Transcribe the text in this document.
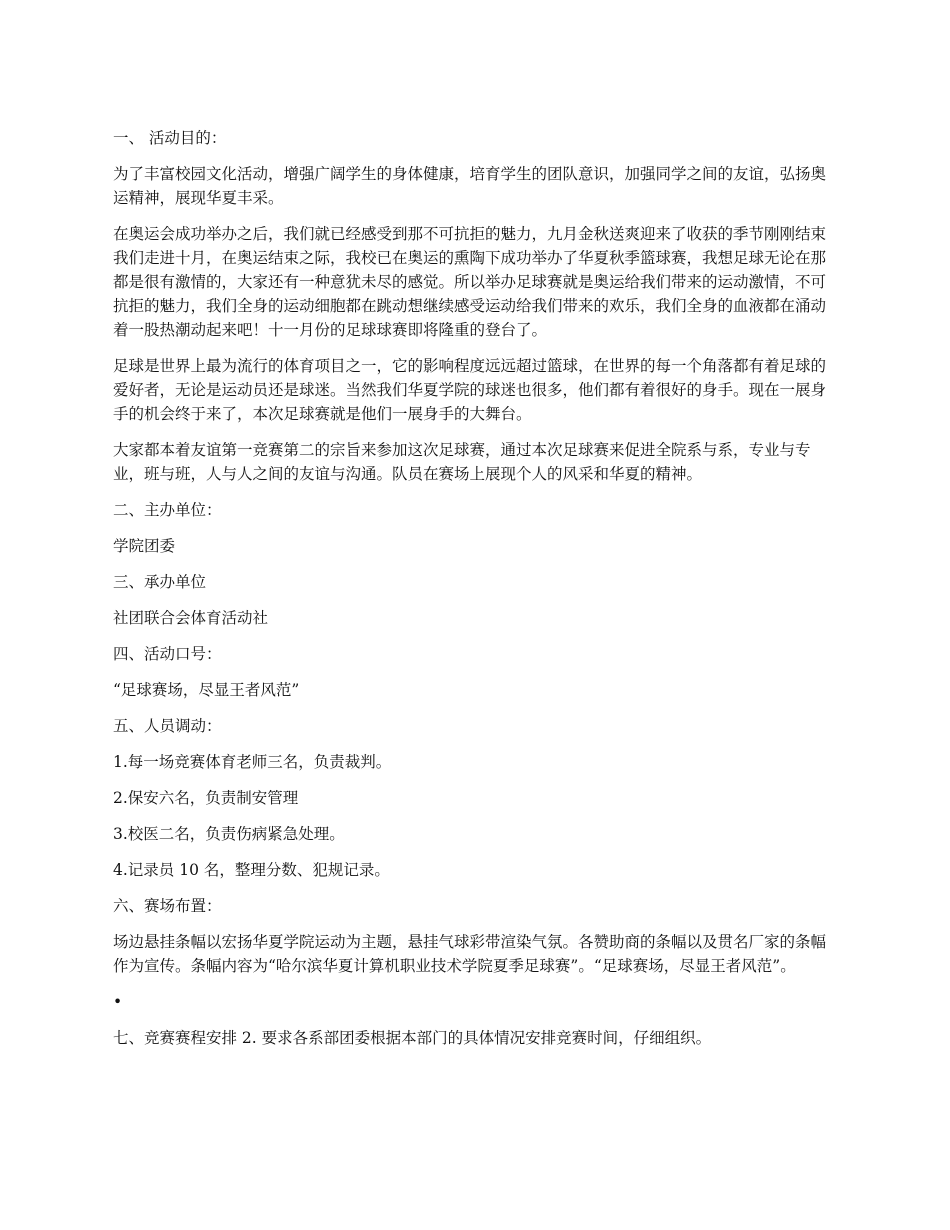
一、 活动目的：

为了丰富校园文化活动，增强广阔学生的身体健康，培育学生的团队意识，加强同学之间的友谊，弘扬奥运精神，展现华夏丰采。

在奥运会成功举办之后，我们就已经感受到那不可抗拒的魅力，九月金秋送爽迎来了收获的季节刚刚结束我们走进十月，在奥运结束之际，我校已在奥运的熏陶下成功举办了华夏秋季篮球赛，我想足球无论在那都是很有激情的，大家还有一种意犹未尽的感觉。所以举办足球赛就是奥运给我们带来的运动激情，不可抗拒的魅力，我们全身的运动细胞都在跳动想继续感受运动给我们带来的欢乐，我们全身的血液都在涌动着一股热潮动起来吧！十一月份的足球球赛即将隆重的登台了。

足球是世界上最为流行的体育项目之一，它的影响程度远远超过篮球，在世界的每一个角落都有着足球的爱好者，无论是运动员还是球迷。当然我们华夏学院的球迷也很多，他们都有着很好的身手。现在一展身手的机会终于来了，本次足球赛就是他们一展身手的大舞台。

大家都本着友谊第一竞赛第二的宗旨来参加这次足球赛，通过本次足球赛来促进全院系与系，专业与专业，班与班，人与人之间的友谊与沟通。队员在赛场上展现个人的风采和华夏的精神。

二、主办单位：

学院团委

三、承办单位

社团联合会体育活动社

四、活动口号：

“足球赛场，尽显王者风范”

五、人员调动：

1.每一场竞赛体育老师三名，负责裁判。

2.保安六名，负责制安管理

3.校医二名，负责伤病紧急处理。

4.记录员 10 名，整理分数、犯规记录。

六、赛场布置：

场边悬挂条幅以宏扬华夏学院运动为主题，悬挂气球彩带渲染气氛。各赞助商的条幅以及贯名厂家的条幅作为宣传。条幅内容为“哈尔滨华夏计算机职业技术学院夏季足球赛”。“足球赛场，尽显王者风范”。

•

七、竞赛赛程安排 2. 要求各系部团委根据本部门的具体情况安排竞赛时间，仔细组织。
